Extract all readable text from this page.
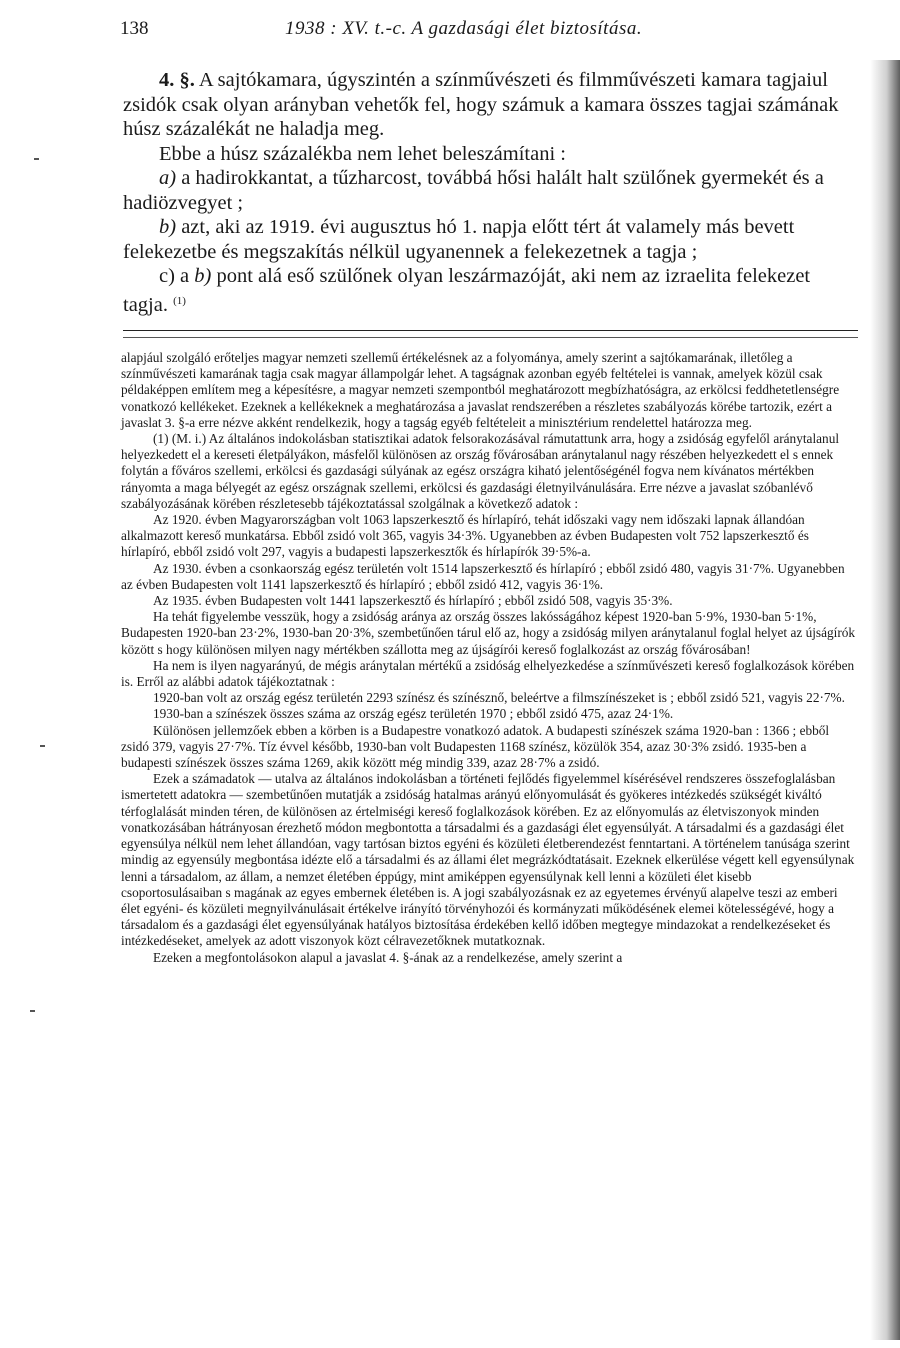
138	1938 : XV. t.-c. A gazdasági élet biztosítása.

4. §. A sajtókamara, úgyszintén a színművészeti és filmművészeti kamara tagjaiul zsidók csak olyan arányban vehetők fel, hogy számuk a kamara összes tagjai számának húsz százalékát ne haladja meg.

Ebbe a húsz százalékba nem lehet beleszámítani :

a) a hadirokkantat, a tűzharcost, továbbá hősi halált halt szülőnek gyermekét és a hadiözvegyet ;

b) azt, aki az 1919. évi augusztus hó 1. napja előtt tért át valamely más bevett felekezetbe és megszakítás nélkül ugyanennek a felekezetnek a tagja ;

c) a b) pont alá eső szülőnek olyan leszármazóját, aki nem az izraelita felekezet tagja. $^{(1)}$

alapjául szolgáló erőteljes magyar nemzeti szellemű értékelésnek az a folyománya, amely szerint a sajtókamarának, illetőleg a színművészeti kamarának tagja csak magyar állampolgár lehet. A tagságnak azonban egyéb feltételei is vannak, amelyek közül csak példaképpen említem meg a képesítésre, a magyar nemzeti szempontból meghatározott megbízhatóságra, az erkölcsi feddhetetlenségre vonatkozó kellékeket. Ezeknek a kellékeknek a meghatározása a javaslat rendszerében a részletes szabályozás körébe tartozik, ezért a javaslat 3. §-a erre nézve akként rendelkezik, hogy a tagság egyéb feltételeit a minisztérium rendelettel határozza meg.

(1) (M. i.) Az általános indokolásban statisztikai adatok felsorakozásával rámutattunk arra, hogy a zsidóság egyfelől aránytalanul helyezkedett el a kereseti életpályákon, másfelől különösen az ország fővárosában aránytalanul nagy részében helyezkedett el s ennek folytán a főváros szellemi, erkölcsi és gazdasági súlyának az egész országra kiható jelentőségénél fogva nem kívánatos mértékben rányomta a maga bélyegét az egész országnak szellemi, erkölcsi és gazdasági életnyilvánulására. Erre nézve a javaslat szóbanlévő szabályozásának körében részletesebb tájékoztatással szolgálnak a következő adatok :

Az 1920. évben Magyarországban volt 1063 lapszerkesztő és hírlapíró, tehát időszaki vagy nem időszaki lapnak állandóan alkalmazott kereső munkatársa. Ebből zsidó volt 365, vagyis 34·3%. Ugyanebben az évben Budapesten volt 752 lapszerkesztő és hírlapíró, ebből zsidó volt 297, vagyis a budapesti lapszerkesztők és hírlapírók 39·5%-a.

Az 1930. évben a csonkaország egész területén volt 1514 lapszerkesztő és hírlapíró ; ebből zsidó 480, vagyis 31·7%. Ugyanebben az évben Budapesten volt 1141 lapszerkesztő és hírlapíró ; ebből zsidó 412, vagyis 36·1%.

Az 1935. évben Budapesten volt 1441 lapszerkesztő és hírlapíró ; ebből zsidó 508, vagyis 35·3%.

Ha tehát figyelembe vesszük, hogy a zsidóság aránya az ország összes lakósságához képest 1920-ban 5·9%, 1930-ban 5·1%, Budapesten 1920-ban 23·2%, 1930-ban 20·3%, szembetűnően tárul elő az, hogy a zsidóság milyen aránytalanul foglal helyet az újságírók között s hogy különösen milyen nagy mértékben szállotta meg az újságírói kereső foglalkozást az ország fővárosában!

Ha nem is ilyen nagyarányú, de mégis aránytalan mértékű a zsidóság elhelyezkedése a színművészeti kereső foglalkozások körében is. Erről az alábbi adatok tájékoztatnak :

1920-ban volt az ország egész területén 2293 színész és színésznő, beleértve a filmszínészeket is ; ebből zsidó 521, vagyis 22·7%.

1930-ban a színészek összes száma az ország egész területén 1970 ; ebből zsidó 475, azaz 24·1%.

Különösen jellemzőek ebben a körben is a Budapestre vonatkozó adatok. A budapesti színészek száma 1920-ban : 1366 ; ebből zsidó 379, vagyis 27·7%. Tíz évvel később, 1930-ban volt Budapesten 1168 színész, közülök 354, azaz 30·3% zsidó. 1935-ben a budapesti színészek összes száma 1269, akik között még mindig 339, azaz 28·7% a zsidó.

Ezek a számadatok — utalva az általános indokolásban a történeti fejlődés figyelemmel kísérésével rendszeres összefoglalásban ismertetett adatokra — szembetűnően mutatják a zsidóság hatalmas arányú előnyomulását és gyökeres intézkedés szükségét kiváltó térfoglalását minden téren, de különösen az értelmiségi kereső foglalkozások körében. Ez az előnyomulás az életviszonyok minden vonatkozásában hátrányosan érezhető módon megbontotta a társadalmi és a gazdasági élet egyensúlyát. A társadalmi és a gazdasági élet egyensúlya nélkül nem lehet állandóan, vagy tartósan biztos egyéni és közületi életberendezést fenntartani. A történelem tanúsága szerint mindig az egyensúly megbontása idézte elő a társadalmi és az állami élet megrázkódtatásait. Ezeknek elkerülése végett kell egyensúlynak lenni a társadalom, az állam, a nemzet életében éppúgy, mint amiképpen egyensúlynak kell lenni a közületi élet kisebb csoportosulásaiban s magának az egyes embernek életében is. A jogi szabályozásnak ez az egyetemes érvényű alapelve teszi az emberi élet egyéni- és közületi megnyilvánulásait értékelve irányító törvényhozói és kormányzati működésének elemei kötelességévé, hogy a társadalom és a gazdasági élet egyensúlyának hatályos biztosítása érdekében kellő időben megtegye mindazokat a rendelkezéseket és intézkedéseket, amelyek az adott viszonyok közt célravezetőknek mutatkoznak.

Ezeken a megfontolásokon alapul a javaslat 4. §-ának az a rendelkezése, amely szerint a
